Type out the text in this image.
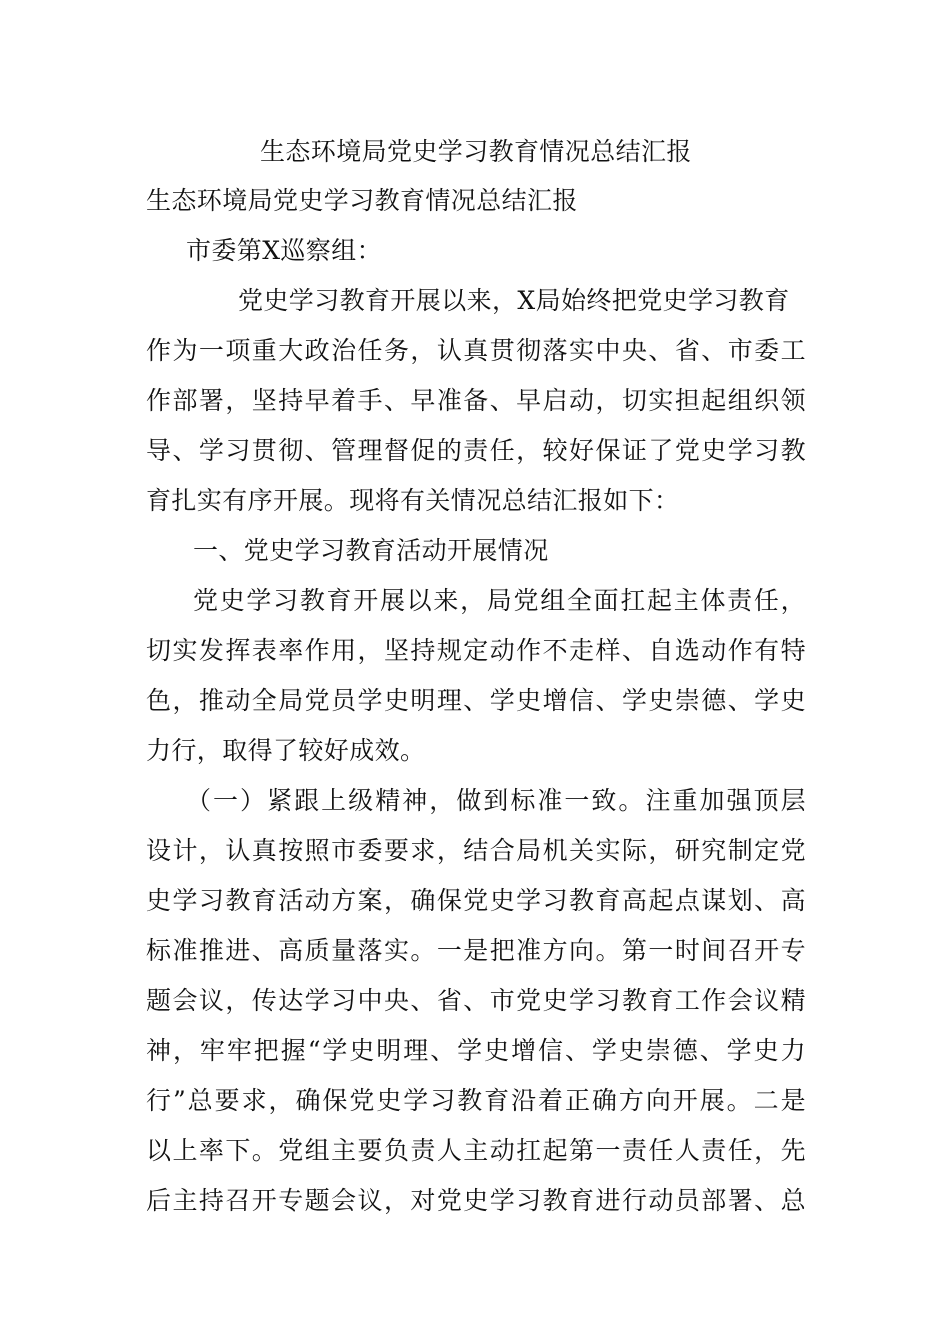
生态环境局党史学习教育情况总结汇报
生态环境局党史学习教育情况总结汇报
市委第X巡察组：
党史学习教育开展以来，X局始终把党史学习教育
作为一项重大政治任务，认真贯彻落实中央、省、市委工
作部署，坚持早着手、早准备、早启动，切实担起组织领
导、学习贯彻、管理督促的责任，较好保证了党史学习教
育扎实有序开展。现将有关情况总结汇报如下：
一、党史学习教育活动开展情况
党史学习教育开展以来，局党组全面扛起主体责任，
切实发挥表率作用，坚持规定动作不走样、自选动作有特
色，推动全局党员学史明理、学史增信、学史崇德、学史
力行，取得了较好成效。
（一）紧跟上级精神，做到标准一致。注重加强顶层
设计，认真按照市委要求，结合局机关实际，研究制定党
史学习教育活动方案，确保党史学习教育高起点谋划、高
标准推进、高质量落实。一是把准方向。第一时间召开专
题会议，传达学习中央、省、市党史学习教育工作会议精
神，牢牢把握“学史明理、学史增信、学史崇德、学史力
行”总要求，确保党史学习教育沿着正确方向开展。二是
以上率下。党组主要负责人主动扛起第一责任人责任，先
后主持召开专题会议，对党史学习教育进行动员部署、总
